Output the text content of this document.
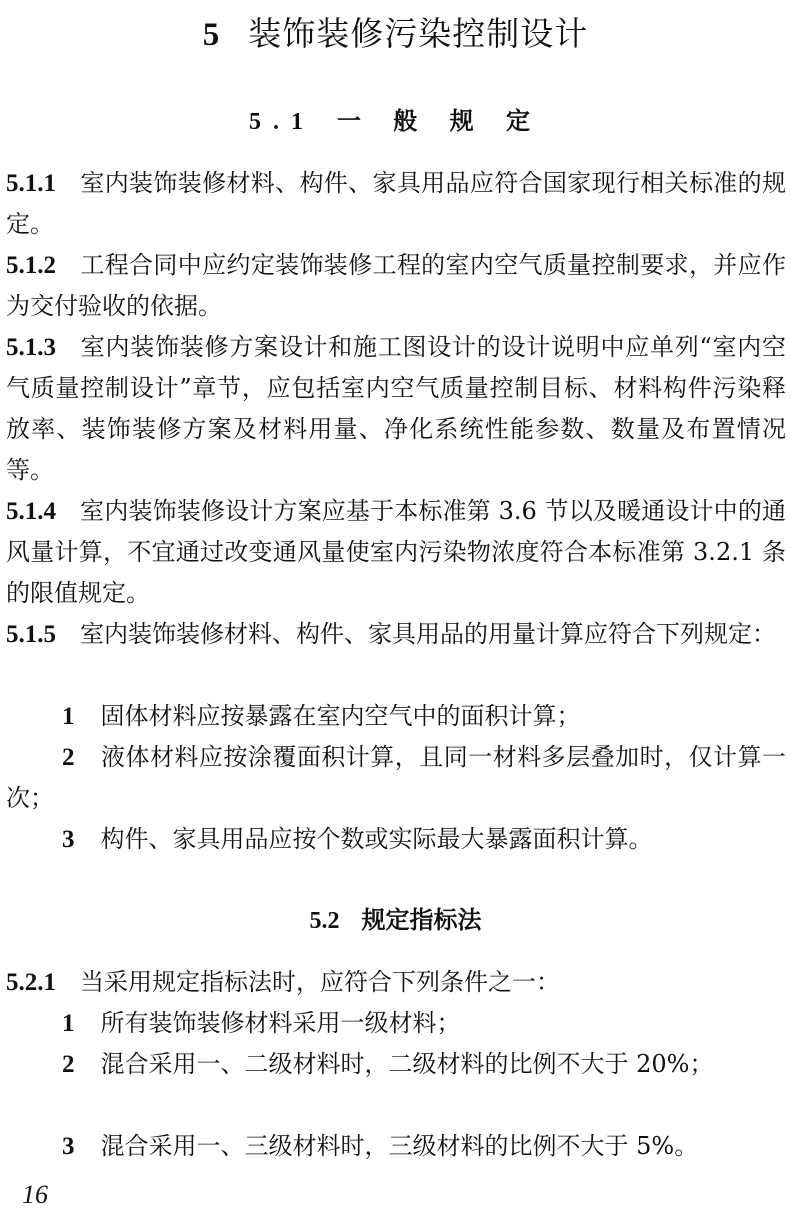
5 装饰装修污染控制设计
5.1 一 般 规 定
5.1.1 室内装饰装修材料、构件、家具用品应符合国家现行相关标准的规定。
5.1.2 工程合同中应约定装饰装修工程的室内空气质量控制要求，并应作为交付验收的依据。
5.1.3 室内装饰装修方案设计和施工图设计的设计说明中应单列“室内空气质量控制设计”章节，应包括室内空气质量控制目标、材料构件污染释放率、装饰装修方案及材料用量、净化系统性能参数、数量及布置情况等。
5.1.4 室内装饰装修设计方案应基于本标准第 3.6 节以及暖通设计中的通风量计算，不宜通过改变通风量使室内污染物浓度符合本标准第 3.2.1 条的限值规定。
5.1.5 室内装饰装修材料、构件、家具用品的用量计算应符合下列规定：
1 固体材料应按暴露在室内空气中的面积计算；
2 液体材料应按涂覆面积计算，且同一材料多层叠加时，仅计算一次；
3 构件、家具用品应按个数或实际最大暴露面积计算。
5.2 规定指标法
5.2.1 当采用规定指标法时，应符合下列条件之一：
1 所有装饰装修材料采用一级材料；
2 混合采用一、二级材料时，二级材料的比例不大于 20%；
3 混合采用一、三级材料时，三级材料的比例不大于 5%。
16
